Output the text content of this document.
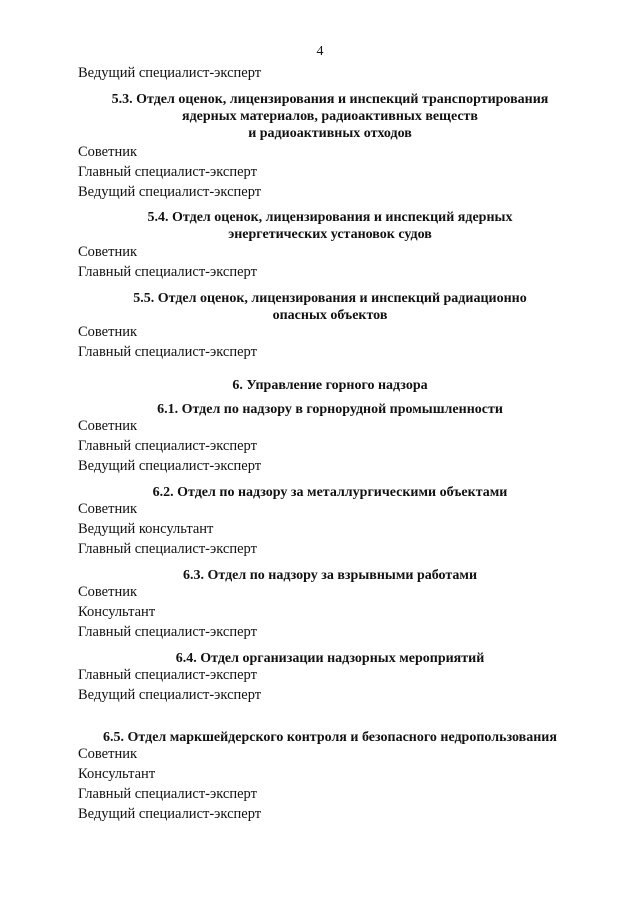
4
Ведущий специалист-эксперт
5.3. Отдел оценок, лицензирования и инспекций транспортирования
ядерных материалов, радиоактивных веществ
и радиоактивных отходов
Советник
Главный специалист-эксперт
Ведущий специалист-эксперт
5.4. Отдел оценок, лицензирования и инспекций ядерных
энергетических установок судов
Советник
Главный специалист-эксперт
5.5. Отдел оценок, лицензирования и инспекций радиационно
опасных объектов
Советник
Главный специалист-эксперт
6. Управление горного надзора
6.1. Отдел по надзору в горнорудной промышленности
Советник
Главный специалист-эксперт
Ведущий специалист-эксперт
6.2. Отдел по надзору за металлургическими объектами
Советник
Ведущий консультант
Главный специалист-эксперт
6.3. Отдел по надзору за взрывными работами
Советник
Консультант
Главный специалист-эксперт
6.4. Отдел организации надзорных мероприятий
Главный специалист-эксперт
Ведущий специалист-эксперт
6.5. Отдел маркшейдерского контроля и безопасного недропользования
Советник
Консультант
Главный специалист-эксперт
Ведущий специалист-эксперт
